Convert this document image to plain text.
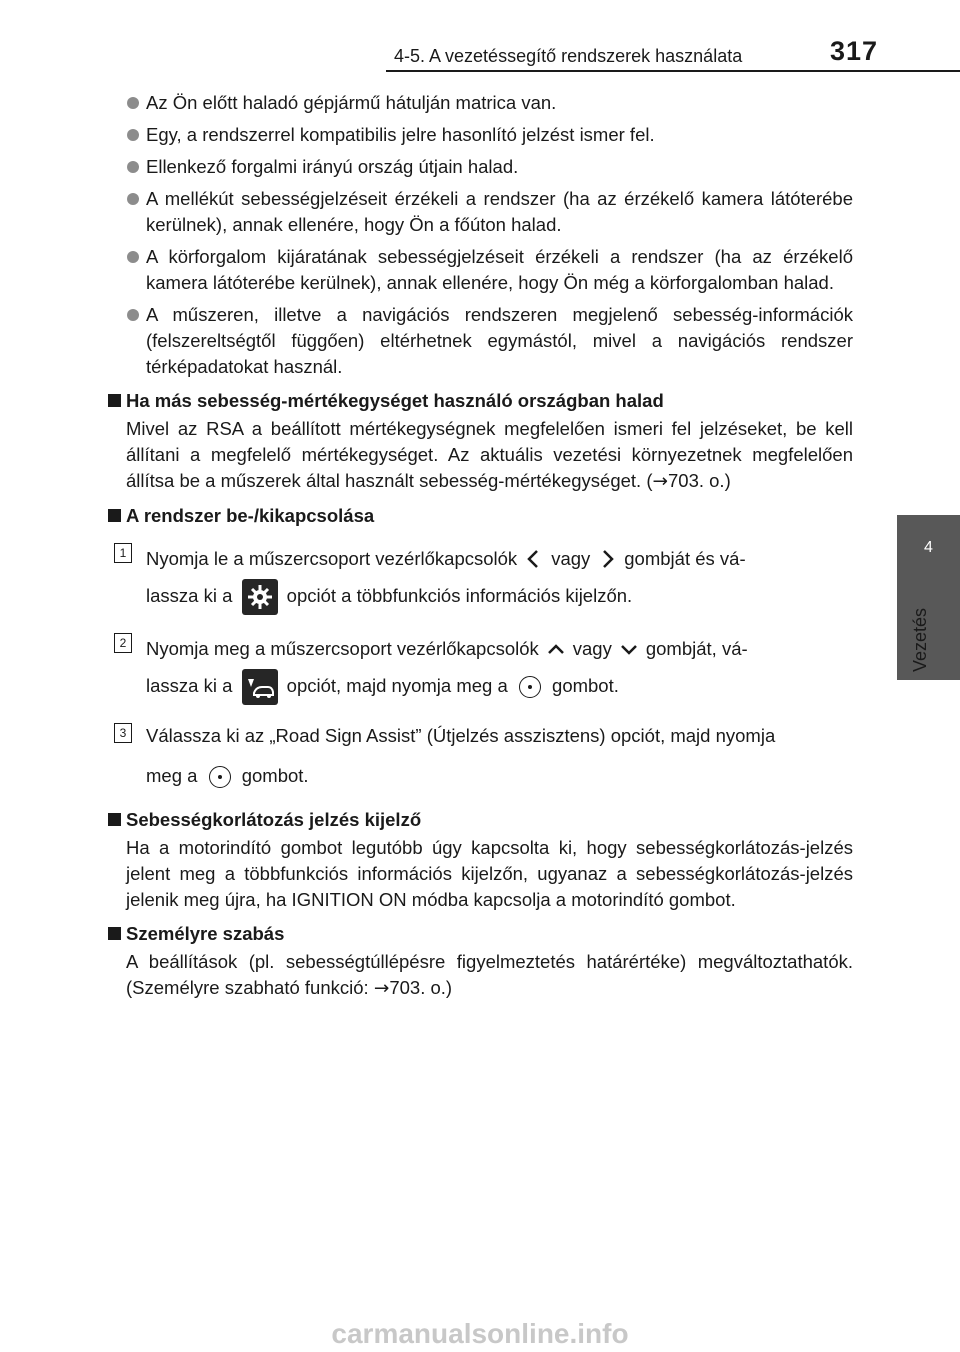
4-5. A vezetéssegítő rendszerek használata	317
4
Vezetés
Az Ön előtt haladó gépjármű hátulján matrica van.
Egy, a rendszerrel kompatibilis jelre hasonlító jelzést ismer fel.
Ellenkező forgalmi irányú ország útjain halad.
A mellékút sebességjelzéseit érzékeli a rendszer (ha az érzékelő kamera látóterébe kerülnek), annak ellenére, hogy Ön a főúton halad.
A körforgalom kijáratának sebességjelzéseit érzékeli a rendszer (ha az érzékelő kamera látóterébe kerülnek), annak ellenére, hogy Ön még a körforgalomban halad.
A műszeren, illetve a navigációs rendszeren megjelenő sebesség-információk (felszereltségtől függően) eltérhetnek egymástól, mivel a navigációs rendszer térképadatokat használ.
Ha más sebesség-mértékegységet használó országban halad
Mivel az RSA a beállított mértékegységnek megfelelően ismeri fel jelzéseket, be kell állítani a megfelelő mértékegységet. Az aktuális vezetési környezetnek megfelelően állítsa be a műszerek által használt sebesség-mértékegységet. (→703. o.)
A rendszer be-/kikapcsolása
1	Nyomja le a műszercsoport vezérlőkapcsolók vagy gombját és vá-
lassza ki a	opciót a többfunkciós információs kijelzőn.
2	Nyomja meg a műszercsoport vezérlőkapcsolók vagy gombját, vá-
lassza ki a	opciót, majd nyomja meg a gombot.
3	Válassza ki az „Road Sign Assist” (Útjelzés asszisztens) opciót, majd nyomja
meg a gombot.
Sebességkorlátozás jelzés kijelző
Ha a motorindító gombot legutóbb úgy kapcsolta ki, hogy sebességkorlátozás-jelzés jelent meg a többfunkciós információs kijelzőn, ugyanaz a sebességkorlátozás-jelzés jelenik meg újra, ha IGNITION ON módba kapcsolja a motorindító gombot.
Személyre szabás
A beállítások (pl. sebességtúllépésre figyelmeztetés határértéke) megváltoztathatók. (Személyre szabható funkció: →703. o.)
carmanualsonline.info
